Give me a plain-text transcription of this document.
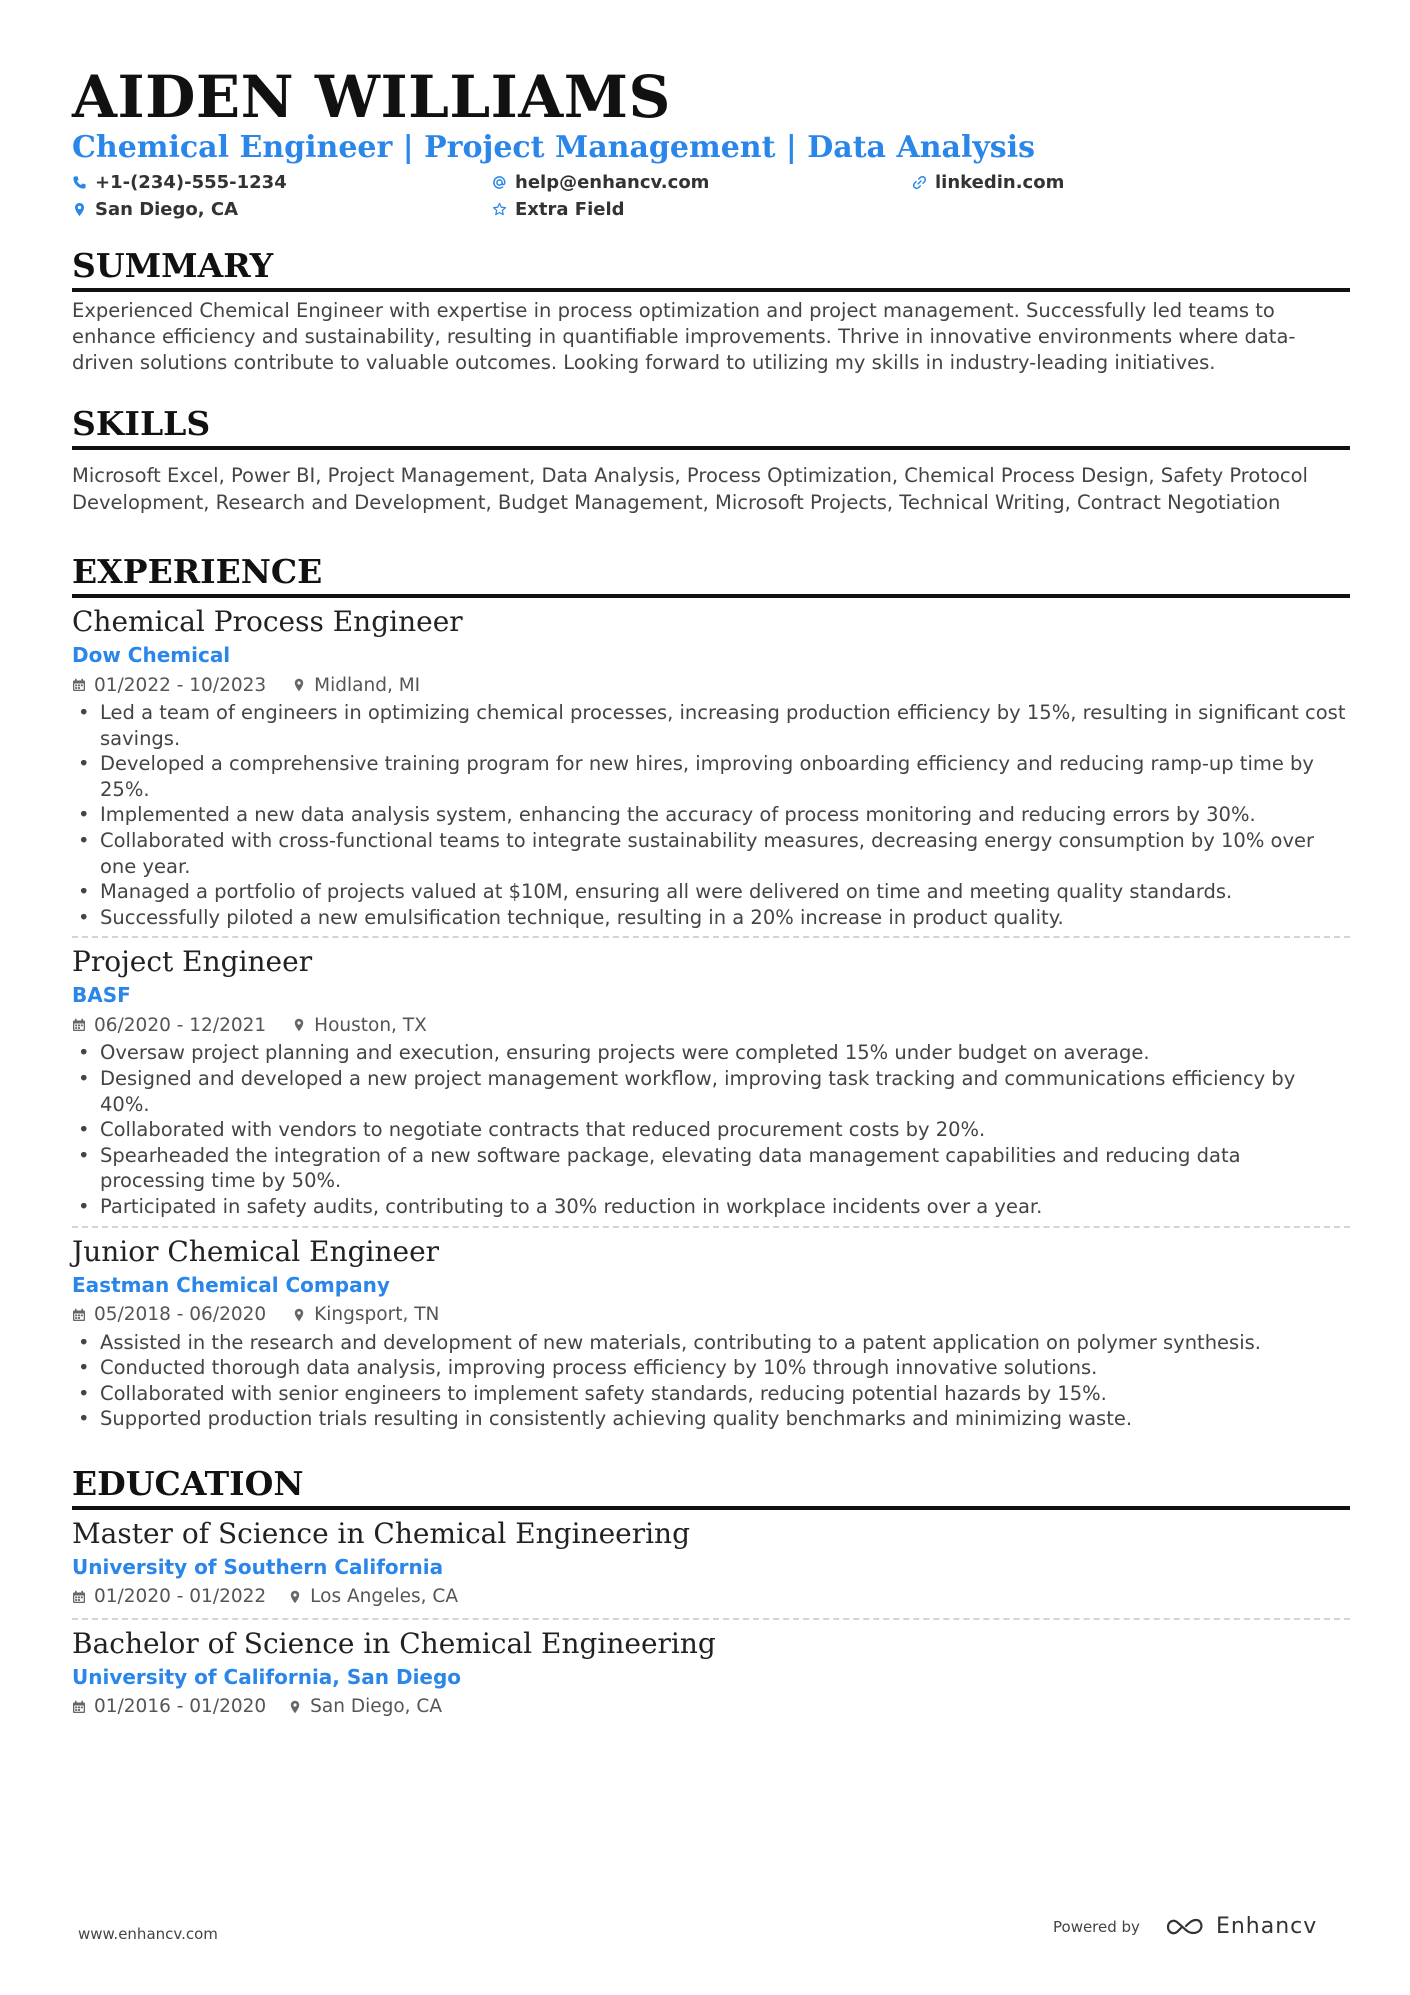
AIDEN WILLIAMS
Chemical Engineer | Project Management | Data Analysis
+1-(234)-555-1234	help@enhancv.com	linkedin.com
San Diego, CA	Extra Field
SUMMARY
Experienced Chemical Engineer with expertise in process optimization and project management. Successfully led teams to enhance efficiency and sustainability, resulting in quantifiable improvements. Thrive in innovative environments where data-driven solutions contribute to valuable outcomes. Looking forward to utilizing my skills in industry-leading initiatives.
SKILLS
Microsoft Excel, Power BI, Project Management, Data Analysis, Process Optimization, Chemical Process Design, Safety Protocol Development, Research and Development, Budget Management, Microsoft Projects, Technical Writing, Contract Negotiation
EXPERIENCE
Chemical Process Engineer
Dow Chemical
01/2022 - 10/2023	Midland, MI
• Led a team of engineers in optimizing chemical processes, increasing production efficiency by 15%, resulting in significant cost savings.
• Developed a comprehensive training program for new hires, improving onboarding efficiency and reducing ramp-up time by 25%.
• Implemented a new data analysis system, enhancing the accuracy of process monitoring and reducing errors by 30%.
• Collaborated with cross-functional teams to integrate sustainability measures, decreasing energy consumption by 10% over one year.
• Managed a portfolio of projects valued at $10M, ensuring all were delivered on time and meeting quality standards.
• Successfully piloted a new emulsification technique, resulting in a 20% increase in product quality.
Project Engineer
BASF
06/2020 - 12/2021	Houston, TX
• Oversaw project planning and execution, ensuring projects were completed 15% under budget on average.
• Designed and developed a new project management workflow, improving task tracking and communications efficiency by 40%.
• Collaborated with vendors to negotiate contracts that reduced procurement costs by 20%.
• Spearheaded the integration of a new software package, elevating data management capabilities and reducing data processing time by 50%.
• Participated in safety audits, contributing to a 30% reduction in workplace incidents over a year.
Junior Chemical Engineer
Eastman Chemical Company
05/2018 - 06/2020	Kingsport, TN
• Assisted in the research and development of new materials, contributing to a patent application on polymer synthesis.
• Conducted thorough data analysis, improving process efficiency by 10% through innovative solutions.
• Collaborated with senior engineers to implement safety standards, reducing potential hazards by 15%.
• Supported production trials resulting in consistently achieving quality benchmarks and minimizing waste.
EDUCATION
Master of Science in Chemical Engineering
University of Southern California
01/2020 - 01/2022 Los Angeles, CA
Bachelor of Science in Chemical Engineering
University of California, San Diego
01/2016 - 01/2020 San Diego, CA
www.enhancv.com	Powered by	Enhancv
